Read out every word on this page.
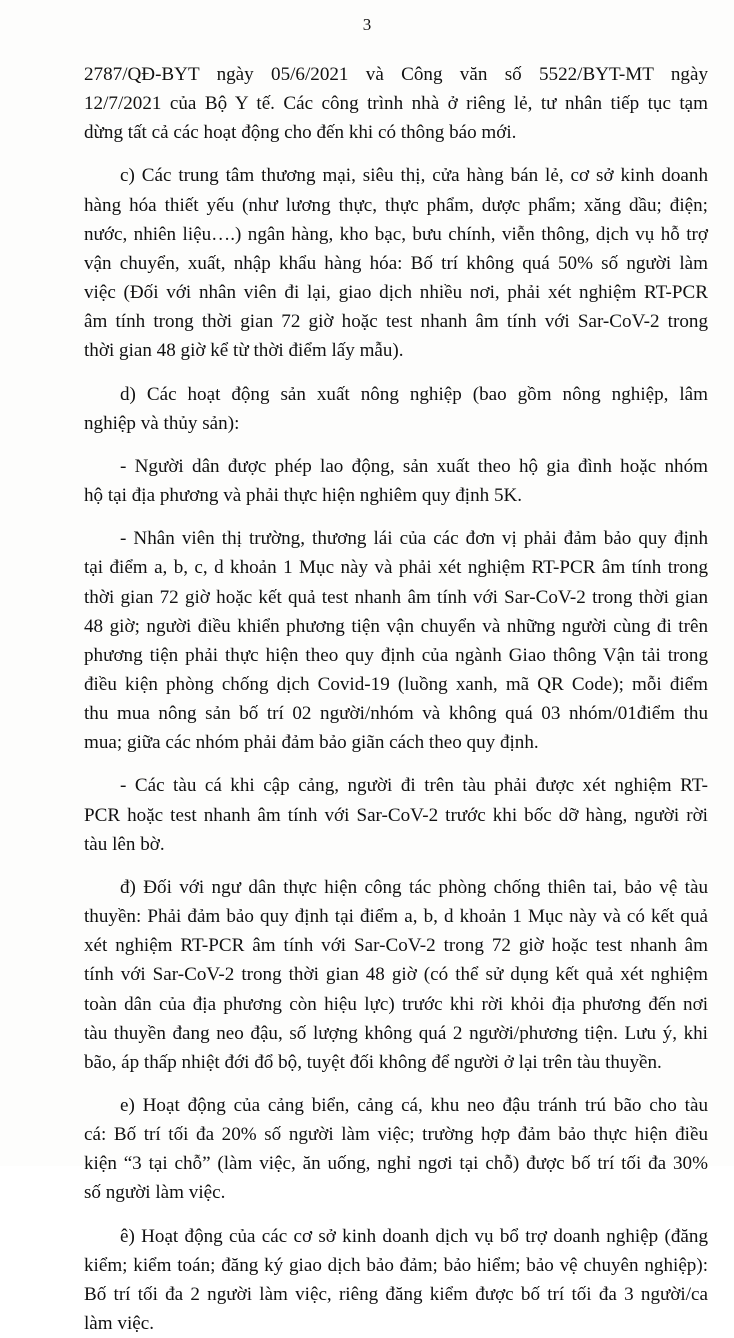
3
2787/QĐ-BYT ngày 05/6/2021 và Công văn số 5522/BYT-MT ngày
12/7/2021 của Bộ Y tế. Các công trình nhà ở riêng lẻ, tư nhân tiếp tục tạm
dừng tất cả các hoạt động cho đến khi có thông báo mới.
c) Các trung tâm thương mại, siêu thị, cửa hàng bán lẻ, cơ sở kinh doanh
hàng hóa thiết yếu (như lương thực, thực phẩm, dược phẩm; xăng dầu; điện;
nước, nhiên liệu….) ngân hàng, kho bạc, bưu chính, viễn thông, dịch vụ hỗ trợ
vận chuyển, xuất, nhập khẩu hàng hóa: Bố trí không quá 50% số người làm
việc (Đối với nhân viên đi lại, giao dịch nhiều nơi, phải xét nghiệm RT-PCR
âm tính trong thời gian 72 giờ hoặc test nhanh âm tính với Sar-CoV-2 trong
thời gian 48 giờ kể từ thời điểm lấy mẫu).
d) Các hoạt động sản xuất nông nghiệp (bao gồm nông nghiệp, lâm
nghiệp và thủy sản):
- Người dân được phép lao động, sản xuất theo hộ gia đình hoặc nhóm
hộ tại địa phương và phải thực hiện nghiêm quy định 5K.
- Nhân viên thị trường, thương lái của các đơn vị phải đảm bảo quy định
tại điểm a, b, c, d khoản 1 Mục này và phải xét nghiệm RT-PCR âm tính trong
thời gian 72 giờ hoặc kết quả test nhanh âm tính với Sar-CoV-2 trong thời gian
48 giờ; người điều khiển phương tiện vận chuyển và những người cùng đi trên
phương tiện phải thực hiện theo quy định của ngành Giao thông Vận tải trong
điều kiện phòng chống dịch Covid-19 (luồng xanh, mã QR Code); mỗi điểm
thu mua nông sản bố trí 02 người/nhóm và không quá 03 nhóm/01điểm thu
mua; giữa các nhóm phải đảm bảo giãn cách theo quy định.
- Các tàu cá khi cập cảng, người đi trên tàu phải được xét nghiệm RT-
PCR hoặc test nhanh âm tính với Sar-CoV-2 trước khi bốc dỡ hàng, người rời
tàu lên bờ.
đ) Đối với ngư dân thực hiện công tác phòng chống thiên tai, bảo vệ tàu
thuyền: Phải đảm bảo quy định tại điểm a, b, d khoản 1 Mục này và có kết quả
xét nghiệm RT-PCR âm tính với Sar-CoV-2 trong 72 giờ hoặc test nhanh âm
tính với Sar-CoV-2 trong thời gian 48 giờ (có thể sử dụng kết quả xét nghiệm
toàn dân của địa phương còn hiệu lực) trước khi rời khỏi địa phương đến nơi
tàu thuyền đang neo đậu, số lượng không quá 2 người/phương tiện. Lưu ý, khi
bão, áp thấp nhiệt đới đổ bộ, tuyệt đối không để người ở lại trên tàu thuyền.
e) Hoạt động của cảng biển, cảng cá, khu neo đậu tránh trú bão cho tàu
cá: Bố trí tối đa 20% số người làm việc; trường hợp đảm bảo thực hiện điều
kiện “3 tại chỗ” (làm việc, ăn uống, nghỉ ngơi tại chỗ) được bố trí tối đa 30%
số người làm việc.
ê) Hoạt động của các cơ sở kinh doanh dịch vụ bổ trợ doanh nghiệp (đăng
kiểm; kiểm toán; đăng ký giao dịch bảo đảm; bảo hiểm; bảo vệ chuyên nghiệp):
Bố trí tối đa 2 người làm việc, riêng đăng kiểm được bố trí tối đa 3 người/ca
làm việc.
